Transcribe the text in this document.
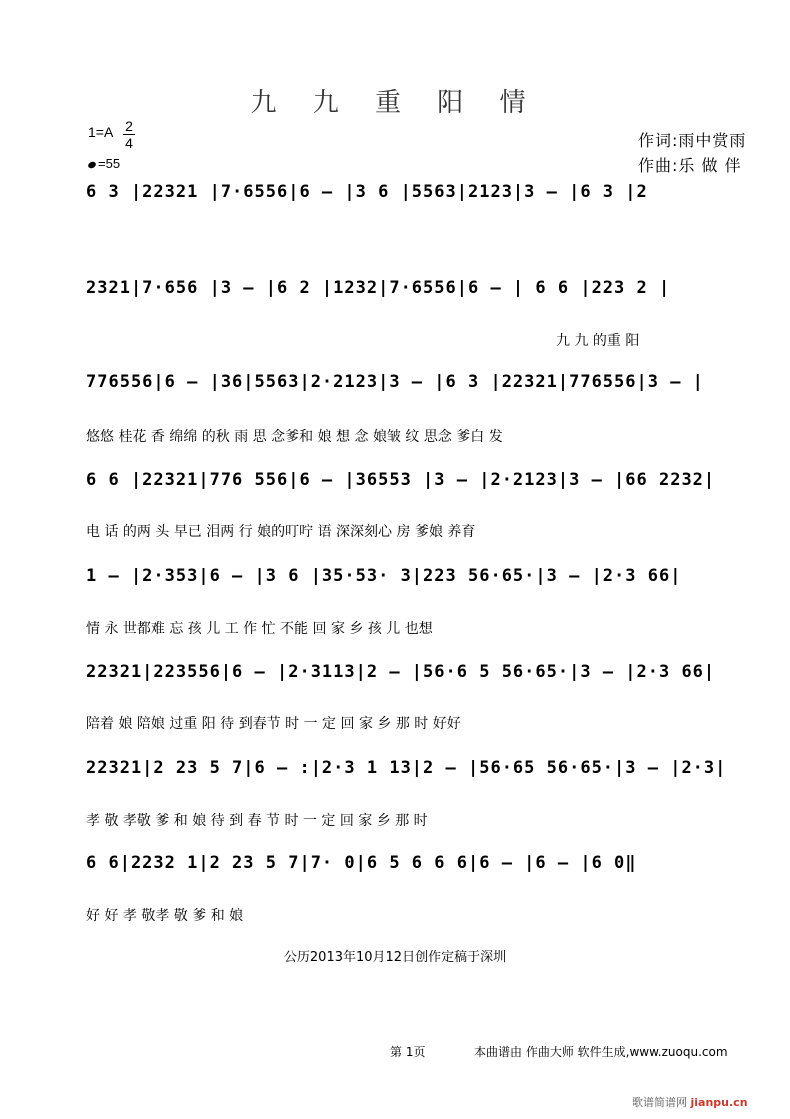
九 九 重 阳 情
1=A 2
4
=55
作词:雨中赏雨
作曲:乐 做 伴
6 3 |22321 |7·6556|6 – |3 6 |5563|2123|3 – |6 3 |2
2321|7·656 |3 – |6 2 |1232|7·6556|6 – | 6 6 |223 2 |
九 九 的重 阳
776556|6 – |36|5563|2·2123|3 – |6 3 |22321|776556|3 – |
悠悠 桂花 香 绵绵 的秋 雨 思 念爹和 娘 想 念 娘皱 纹 思念 爹白 发
6 6 |22321|776 556|6 – |36553 |3 – |2·2123|3 – |66 2232|
电 话 的两 头 早已 泪两 行 娘的叮咛 语 深深刻心 房 爹娘 养育
1 – |2·353|6 – |3 6 |35·53· 3|223 56·65·|3 – |2·3 66|
情 永 世都难 忘 孩 儿 工 作 忙 不能 回 家 乡 孩 儿 也想
22321|223556|6 – |2·3113|2 – |56·6 5 56·65·|3 – |2·3 66|
陪着 娘 陪娘 过重 阳 待 到春节 时 一 定 回 家 乡 那 时 好好
22321|2 23 5 7|6 – :|2·3 1 13|2 – |56·65 56·65·|3 – |2·3|
孝 敬 孝敬 爹 和 娘 待 到 春 节 时 一 定 回 家 乡 那 时
6 6|2232 1|2 23 5 7|7· 0|6 5 6 6 6|6 – |6 – |6 0‖
好 好 孝 敬孝 敬 爹 和 娘
公历2013年10月12日创作定稿于深圳
第 1页	本曲谱由 作曲大师 软件生成,www.zuoqu.com
歌谱简谱网 jianpu.cn
